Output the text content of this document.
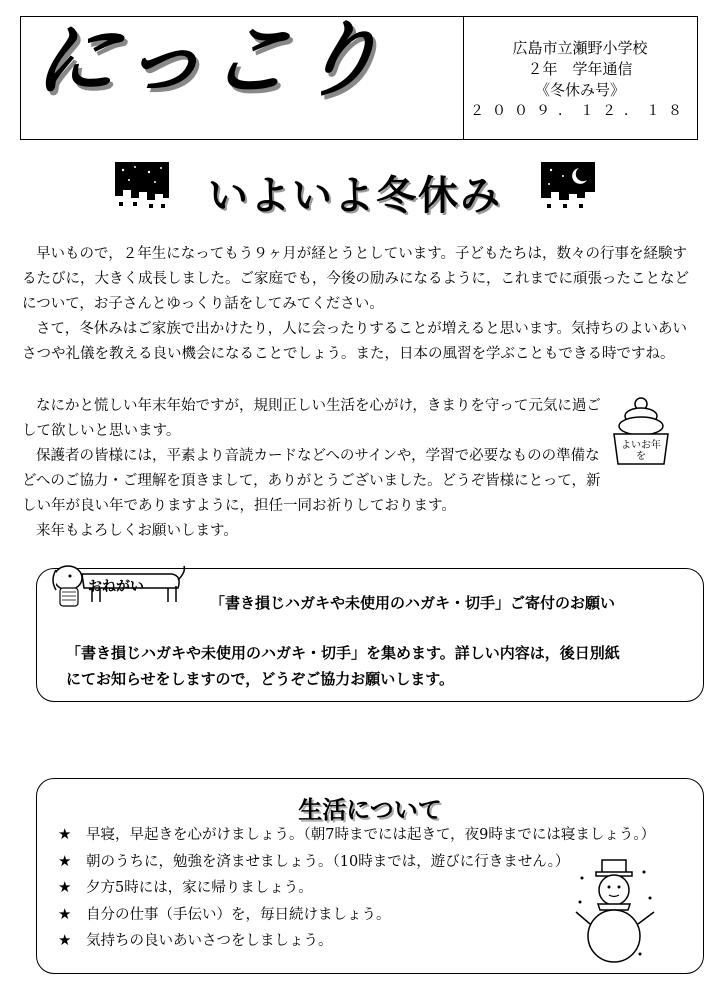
にっこり	広島市立瀬野小学校
２年　学年通信
《冬休み号》
２００９．１２．１８
いよいよ冬休み

早いもので，２年生になってもう９ヶ月が経とうとしています。子どもたちは，数々の行事を経験するたびに，大きく成長しました。ご家庭でも，今後の励みになるように，これまでに頑張ったことなどについて，お子さんとゆっくり話をしてみてください。

さて，冬休みはご家族で出かけたり，人に会ったりすることが増えると思います。気持ちのよいあいさつや礼儀を教える良い機会になることでしょう。また，日本の風習を学ぶこともできる時ですね。

なにかと慌しい年末年始ですが，規則正しい生活を心がけ，きまりを守って元気に過ごして欲しいと思います。

保護者の皆様には，平素より音読カードなどへのサインや，学習で必要なものの準備などへのご協力・ご理解を頂きまして，ありがとうございました。どうぞ皆様にとって，新しい年が良い年でありますように，担任一同お祈りしております。

来年もよろしくお願いします。

よいお年を
おねがい
「書き損じハガキや未使用のハガキ・切手」ご寄付のお願い

「書き損じハガキや未使用のハガキ・切手」を集めます。詳しい内容は，後日別紙

にてお知らせをしますので，どうぞご協力お願いします。

生活について
★	早寝，早起きを心がけましょう。（朝7時までには起きて，夜9時までには寝ましょう。）
★	朝のうちに，勉強を済ませましょう。（10時までは，遊びに行きません。）
★	夕方5時には，家に帰りましょう。
★	自分の仕事（手伝い）を，毎日続けましょう。
★	気持ちの良いあいさつをしましょう。
